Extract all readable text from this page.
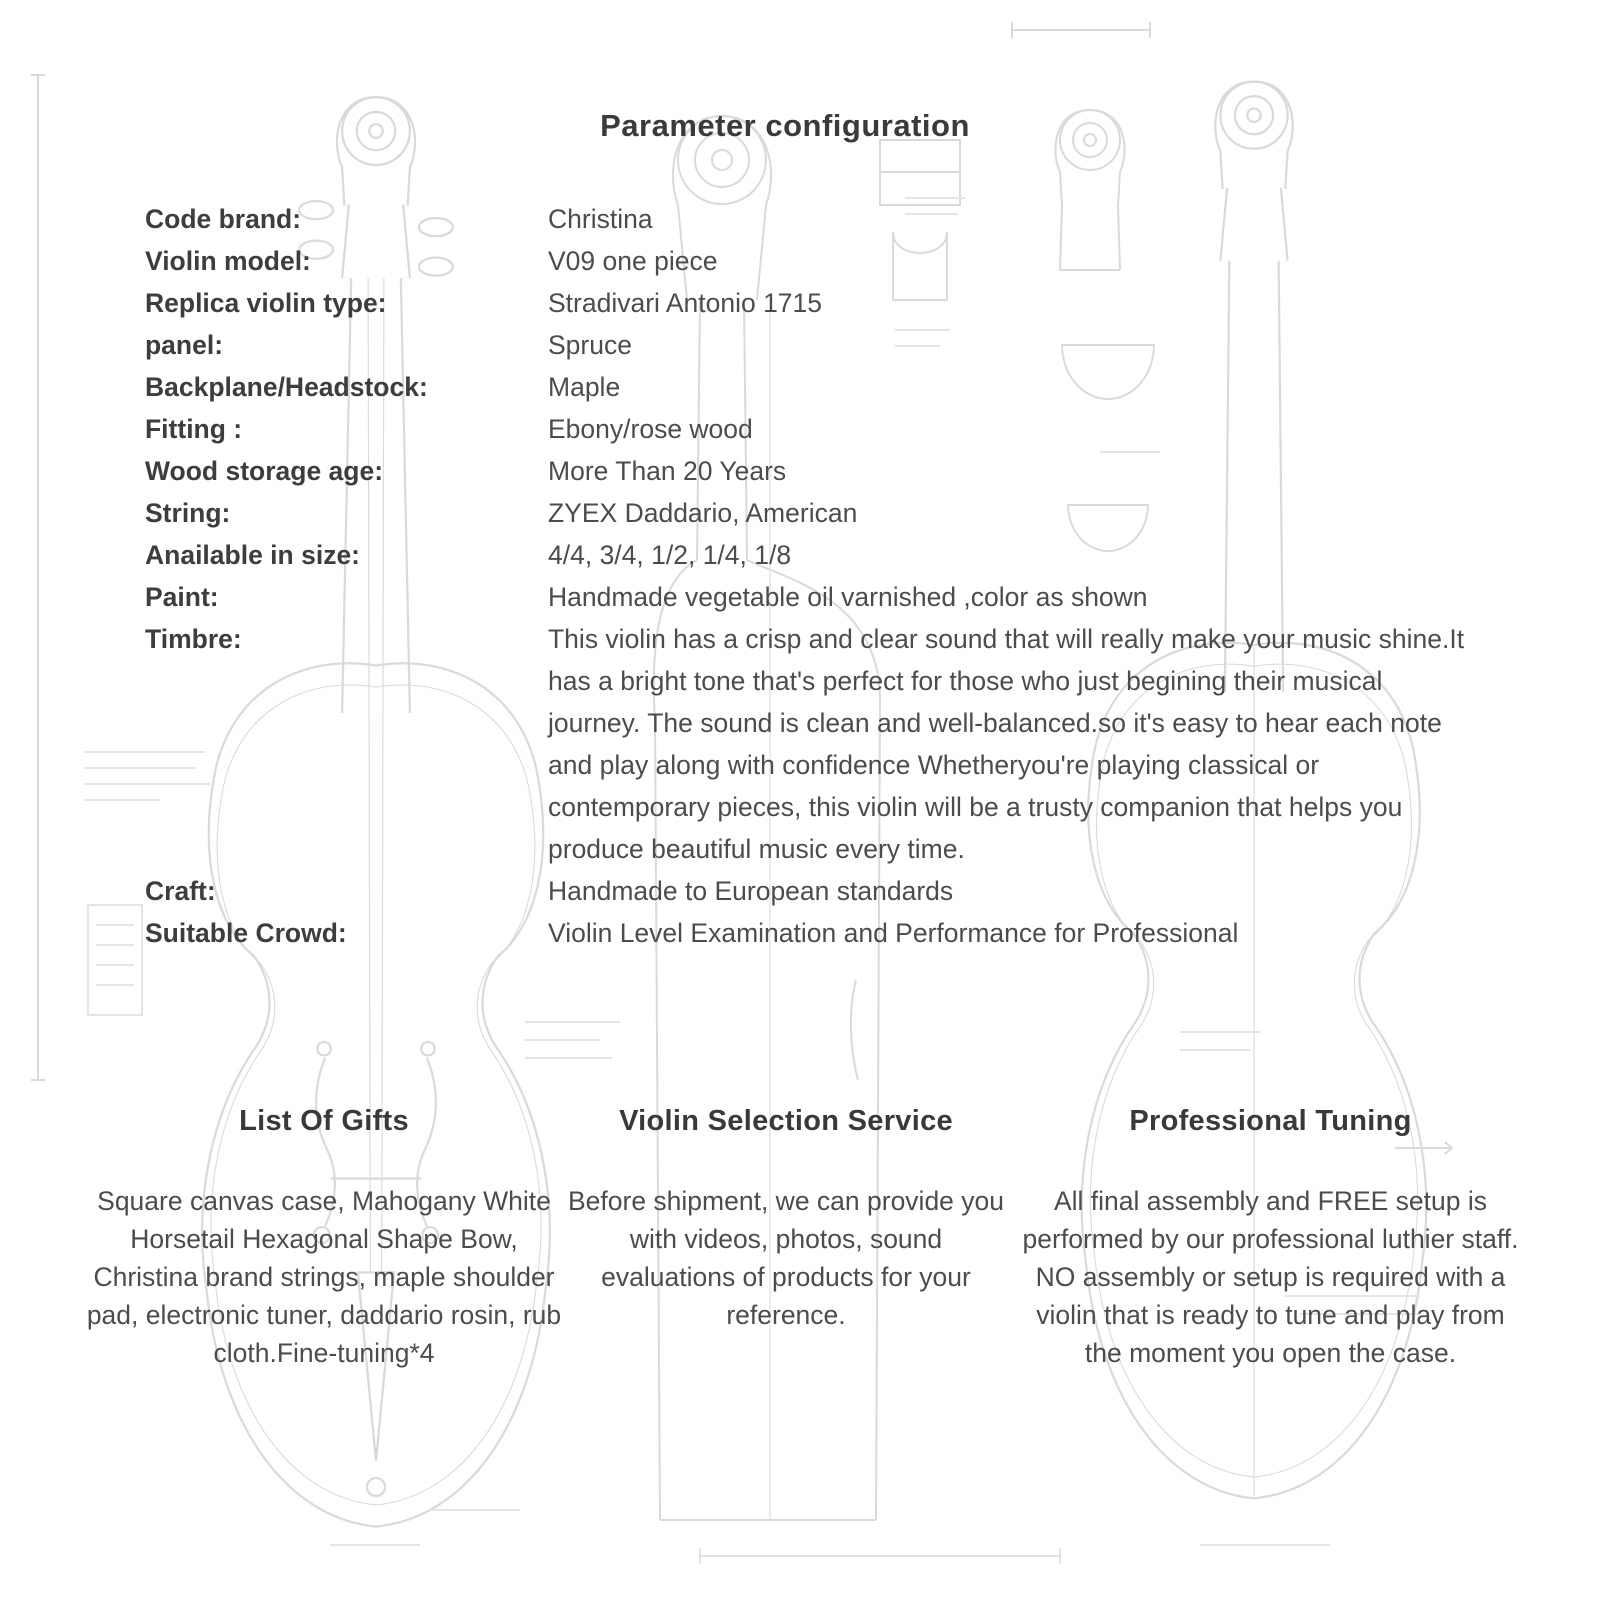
Parameter configuration
Code brand:	Christina
Violin model:	V09 one piece
Replica violin type:	Stradivari Antonio 1715
panel:	Spruce
Backplane/Headstock:	Maple
Fitting :	Ebony/rose wood
Wood storage age:	More Than 20 Years
String:	ZYEX Daddario, American
Anailable in size:	4/4, 3/4, 1/2, 1/4, 1/8
Paint:	Handmade vegetable oil varnished ,color as shown
Timbre:	This violin has a crisp and clear sound that will really make your music shine.It has a bright tone that's perfect for those who just begining their musical journey. The sound is clean and well-balanced.so it's easy to hear each note and play along with confidence Whetheryou're playing classical or contemporary pieces, this violin will be a trusty companion that helps you produce beautiful music every time.
Craft:	Handmade to European standards
Suitable Crowd:	Violin Level Examination and Performance for Professional
List Of Gifts
Square canvas case, Mahogany White Horsetail Hexagonal Shape Bow, Christina brand strings, maple shoulder pad, electronic tuner, daddario rosin, rub cloth.Fine-tuning*4
Violin Selection Service
Before shipment, we can provide you with videos, photos, sound evaluations of products for your reference.
Professional Tuning
All final assembly and FREE setup is performed by our professional luthier staff. NO assembly or setup is required with a violin that is ready to tune and play from the moment you open the case.
